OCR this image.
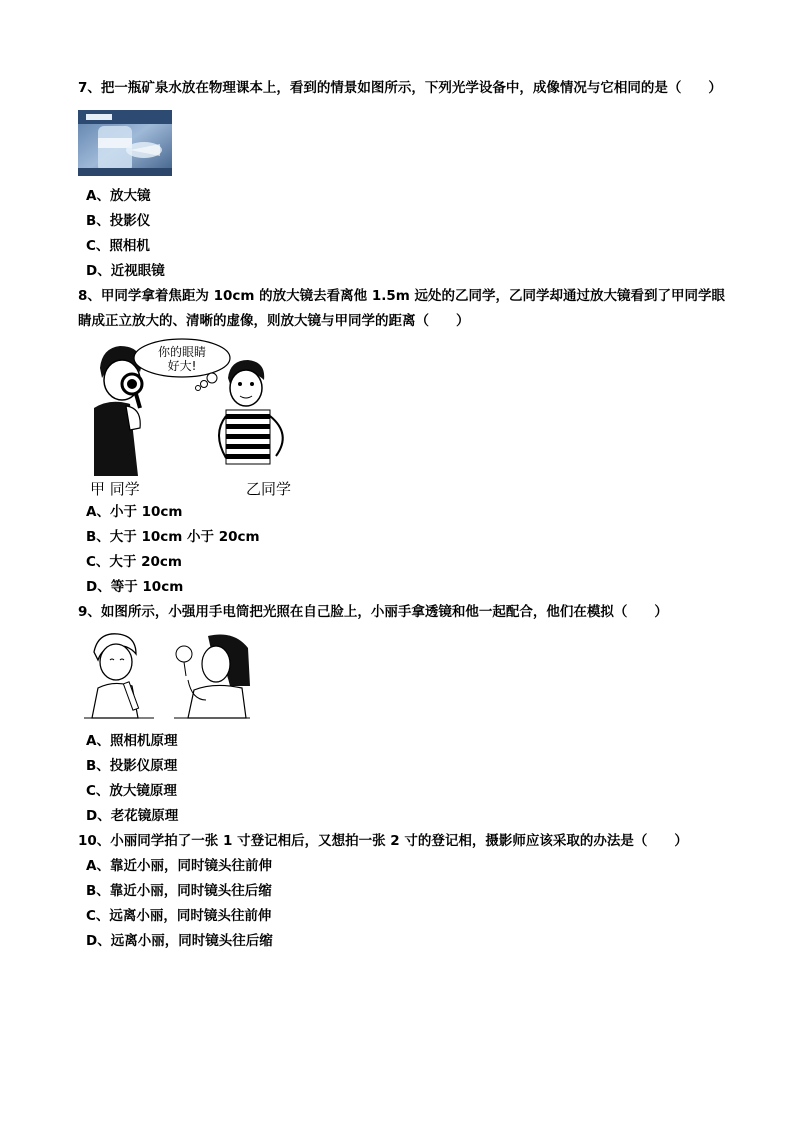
7、把一瓶矿泉水放在物理课本上，看到的情景如图所示，下列光学设备中，成像情况与它相同的是（　　）
A、放大镜
B、投影仪
C、照相机
D、近视眼镜
8、甲同学拿着焦距为 10cm 的放大镜去看离他 1.5m 远处的乙同学，乙同学却通过放大镜看到了甲同学眼
睛成正立放大的、清晰的虚像，则放大镜与甲同学的距离（　　）
你的眼睛
好大!
甲 同学	乙同学
A、小于 10cm
B、大于 10cm 小于 20cm
C、大于 20cm
D、等于 10cm
9、如图所示，小强用手电筒把光照在自己脸上，小丽手拿透镜和他一起配合，他们在模拟（　　）
A、照相机原理
B、投影仪原理
C、放大镜原理
D、老花镜原理
10、小丽同学拍了一张 1 寸登记相后，又想拍一张 2 寸的登记相，摄影师应该采取的办法是（　　）
A、靠近小丽，同时镜头往前伸
B、靠近小丽，同时镜头往后缩
C、远离小丽，同时镜头往前伸
D、远离小丽，同时镜头往后缩
